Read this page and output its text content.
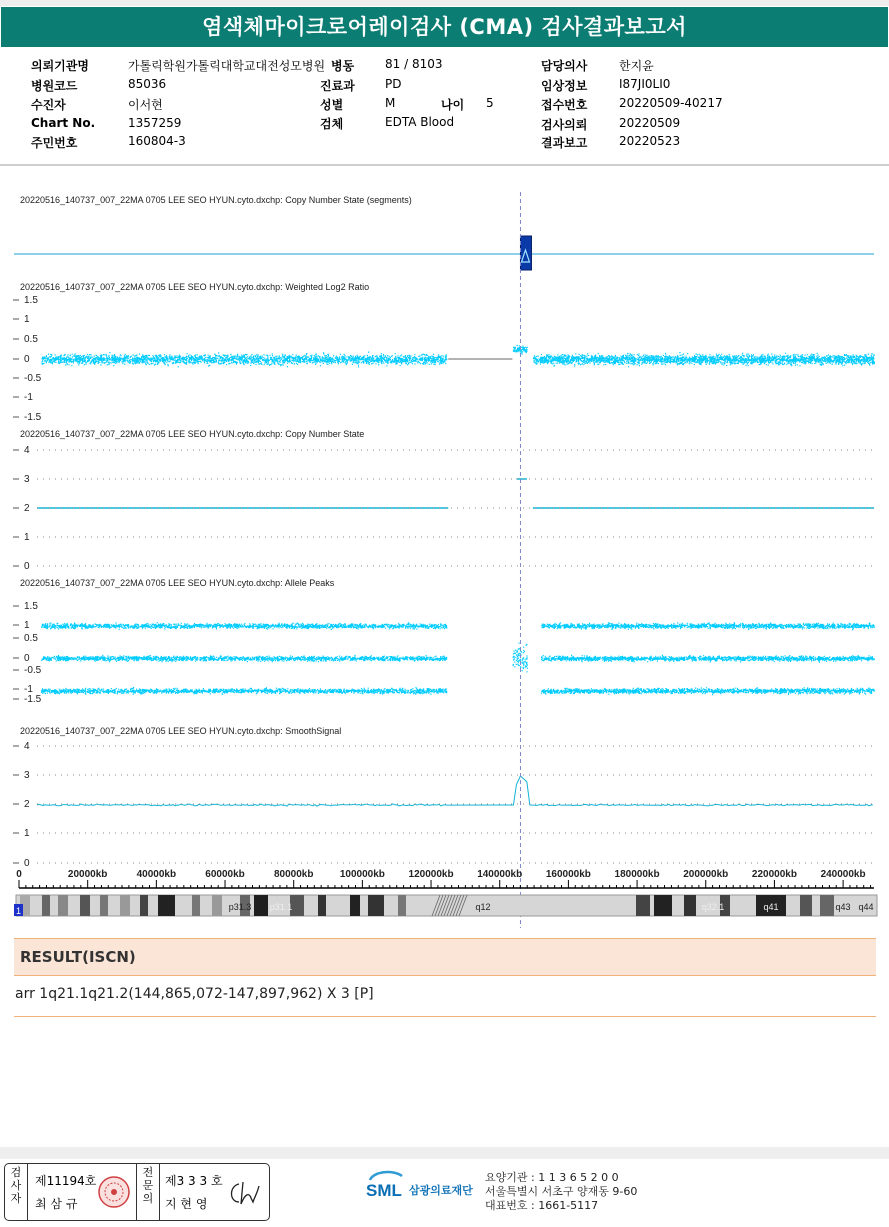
염색체마이크로어레이검사 (CMA) 검사결과보고서
의뢰기관명	가톨릭학원가톨릭대학교대전성모병원 병동	81 / 8103	담당의사	한지윤
병원코드	85036	진료과	PD	임상정보	I87JI0LI0
수진자	이서현	성별	M	나이 5	접수번호	20220509-40217
Chart No.	1357259	검체	EDTA Blood	검사의뢰	20220509
주민번호	160804-3	결과보고	20220523
20220516_140737_007_22MA 0705 LEE SEO HYUN.cyto.dxchp: Copy Number State (segments)
20220516_140737_007_22MA 0705 LEE SEO HYUN.cyto.dxchp: Weighted Log2 Ratio
1.5
1
0.5
0
-0.5
-1
-1.5
20220516_140737_007_22MA 0705 LEE SEO HYUN.cyto.dxchp: Copy Number State
4
3
2
1
0
20220516_140737_007_22MA 0705 LEE SEO HYUN.cyto.dxchp: Allele Peaks
1.5
1
0.5
0
-0.5
-1
-1.5
20220516_140737_007_22MA 0705 LEE SEO HYUN.cyto.dxchp: SmoothSignal
4
3
2
1
0
0	20000kb	40000kb	60000kb	80000kb	100000kb 120000kb 140000kb 160000kb 180000kb 200000kb 220000kb 240000kb
1	p31.3 p31.1	q12	q32.1	q41	q43 q44
RESULT(ISCN)
arr 1q21.1q21.2(144,865,072-147,897,962) X 3 [P]
검사자
제11194호
최 삼 규
전문의
제3 3 3 호
지 현 영
SML 삼광의료재단
요양기관 : 1 1 3 6 5 2 0 0
서울특별시 서초구 양재동 9-60
대표번호 : 1661-5117
